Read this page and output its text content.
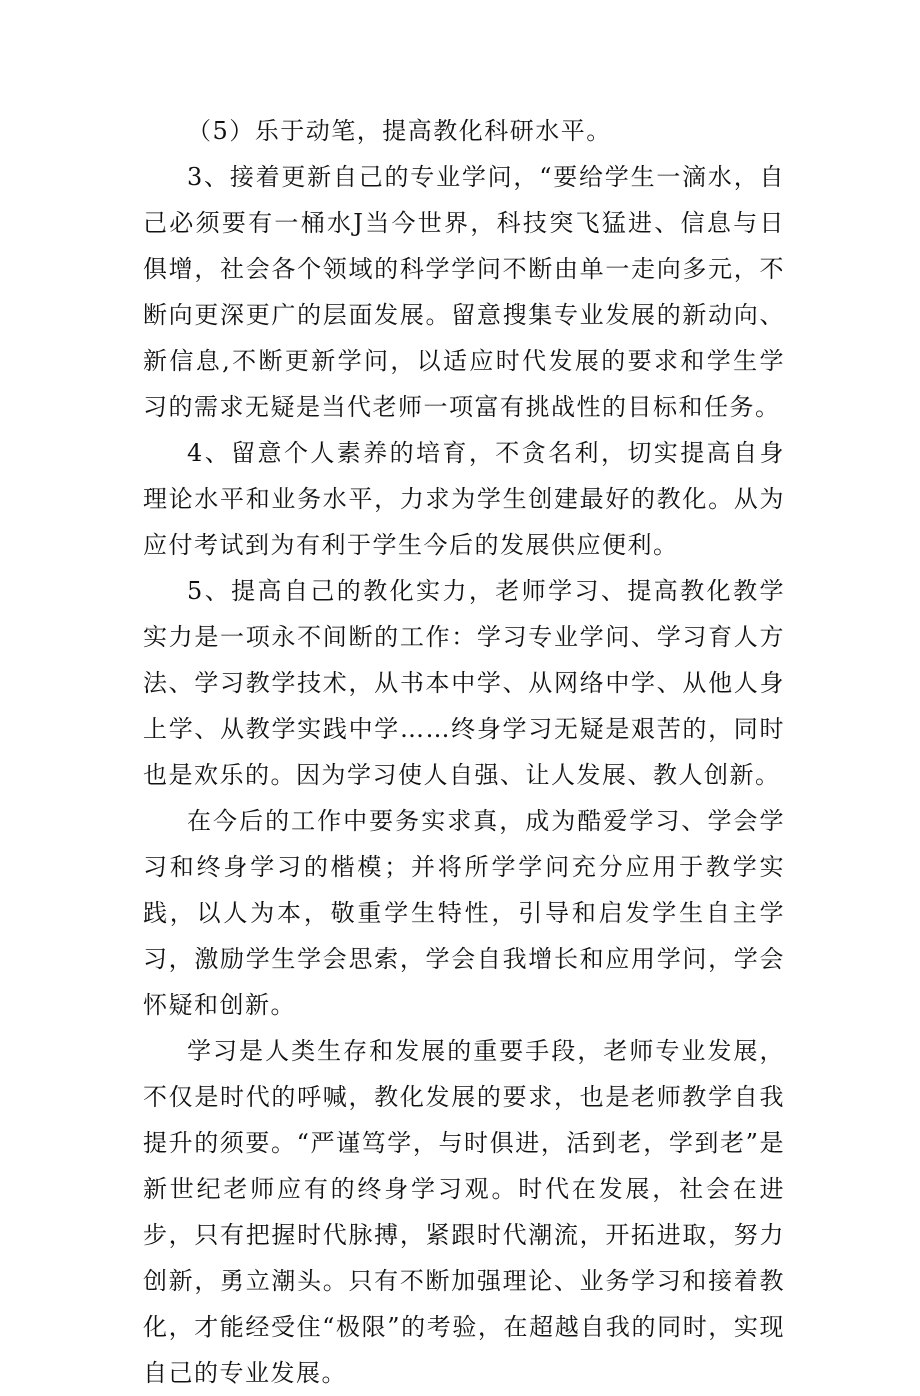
（5）乐于动笔，提高教化科研水平。

3、接着更新自己的专业学问，“要给学生一滴水，自己必须要有一桶水J当今世界，科技突飞猛进、信息与日俱增，社会各个领域的科学学问不断由单一走向多元，不断向更深更广的层面发展。留意搜集专业发展的新动向、新信息,不断更新学问，以适应时代发展的要求和学生学习的需求无疑是当代老师一项富有挑战性的目标和任务。

4、留意个人素养的培育，不贪名利，切实提高自身理论水平和业务水平，力求为学生创建最好的教化。从为应付考试到为有利于学生今后的发展供应便利。

5、提高自己的教化实力，老师学习、提高教化教学实力是一项永不间断的工作：学习专业学问、学习育人方法、学习教学技术，从书本中学、从网络中学、从他人身上学、从教学实践中学……终身学习无疑是艰苦的，同时也是欢乐的。因为学习使人自强、让人发展、教人创新。

在今后的工作中要务实求真，成为酷爱学习、学会学习和终身学习的楷模；并将所学学问充分应用于教学实践，以人为本，敬重学生特性，引导和启发学生自主学习，激励学生学会思索，学会自我增长和应用学问，学会怀疑和创新。

学习是人类生存和发展的重要手段，老师专业发展，不仅是时代的呼喊，教化发展的要求，也是老师教学自我提升的须要。“严谨笃学，与时俱进，活到老，学到老”是新世纪老师应有的终身学习观。时代在发展，社会在进步，只有把握时代脉搏，紧跟时代潮流，开拓进取，努力创新，勇立潮头。只有不断加强理论、业务学习和接着教化，才能经受住“极限”的考验，在超越自我的同时，实现自己的专业发展。
